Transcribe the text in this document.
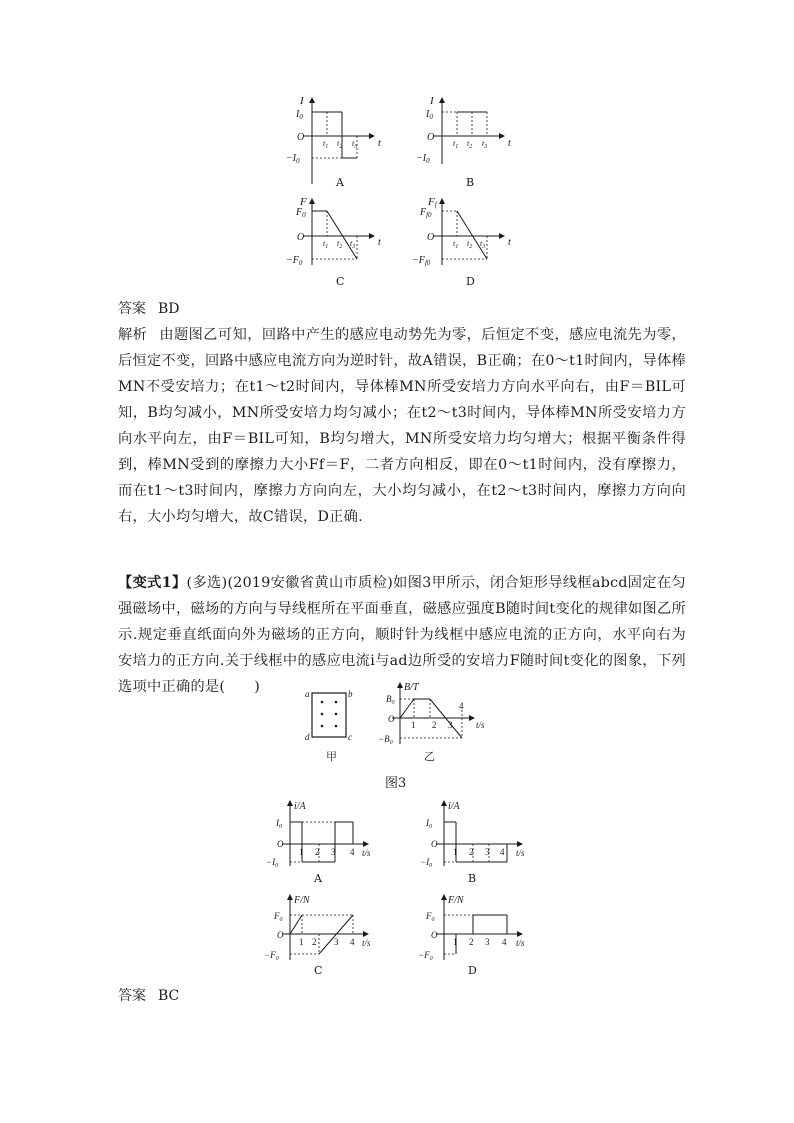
I
$I_0$
O
$-I_0$
t
$t_1$ $t_2$ $t_3$
A
I
$I_0$
O
$-I_0$
t
$t_1$ $t_2$ $t_3$
B
F
$F_0$
O
$-F_0$
t
$t_1$ $t_2$ $t_3$
C
Ff
$F_{f0}$
O
$-F_{f0}$
t
$t_1$ $t_2$ $t_3$
D
答案 BD
解析 由题图乙可知，回路中产生的感应电动势先为零，后恒定不变，感应电流先为零，后恒定不变，回路中感应电流方向为逆时针，故A错误，B正确；在0～t1时间内，导体棒MN不受安培力；在t1～t2时间内，导体棒MN所受安培力方向水平向右，由F＝BIL可知，B均匀减小，MN所受安培力均匀减小；在t2～t3时间内，导体棒MN所受安培力方向水平向左，由F＝BIL可知，B均匀增大，MN所受安培力均匀增大；根据平衡条件得到，棒MN受到的摩擦力大小Ff＝F，二者方向相反，即在0～t1时间内，没有摩擦力，而在t1～t3时间内，摩擦力方向向左，大小均匀减小，在t2～t3时间内，摩擦力方向向右，大小均匀增大，故C错误，D正确.
【变式1】(多选)(2019安徽省黄山市质检)如图3甲所示，闭合矩形导线框abcd固定在匀强磁场中，磁场的方向与导线框所在平面垂直，磁感应强度B随时间t变化的规律如图乙所示.规定垂直纸面向外为磁场的正方向，顺时针为线框中感应电流的正方向，水平向右为安培力的正方向.关于线框中的感应电流i与ad边所受的安培力F随时间t变化的图象，下列选项中正确的是(　　)	a	b
c
d
甲
B/T
$B_0$
O
$-B_0$
t/s
1 2 3
4
乙
图3
i/A
$I_0$
O
$-I_0$
t/s
1 2 3 4
A
i/A
$I_0$
O
$-I_0$
t/s
1 2 3 4
B
F/N
$F_0$
O
$-F_0$
t/s
1 2 3 4
C
F/N
$F_0$
O
$-F_0$
t/s
1 2 3 4
D
答案 BC
